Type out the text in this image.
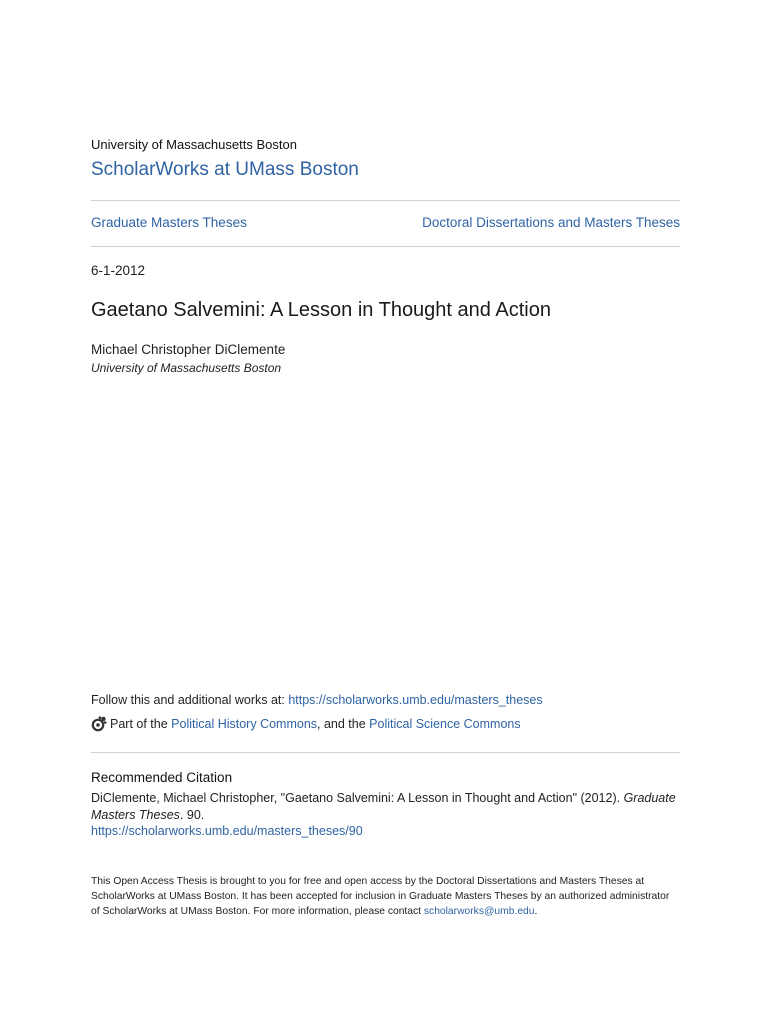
University of Massachusetts Boston
ScholarWorks at UMass Boston
Graduate Masters Theses	Doctoral Dissertations and Masters Theses
6-1-2012
Gaetano Salvemini: A Lesson in Thought and Action
Michael Christopher DiClemente
University of Massachusetts Boston
Follow this and additional works at: https://scholarworks.umb.edu/masters_theses
Part of the Political History Commons , and the Political Science Commons
Recommended Citation
DiClemente, Michael Christopher, "Gaetano Salvemini: A Lesson in Thought and Action" (2012). Graduate Masters Theses. 90.
https://scholarworks.umb.edu/masters_theses/90
This Open Access Thesis is brought to you for free and open access by the Doctoral Dissertations and Masters Theses at ScholarWorks at UMass Boston. It has been accepted for inclusion in Graduate Masters Theses by an authorized administrator of ScholarWorks at UMass Boston. For more information, please contact scholarworks@umb.edu.
